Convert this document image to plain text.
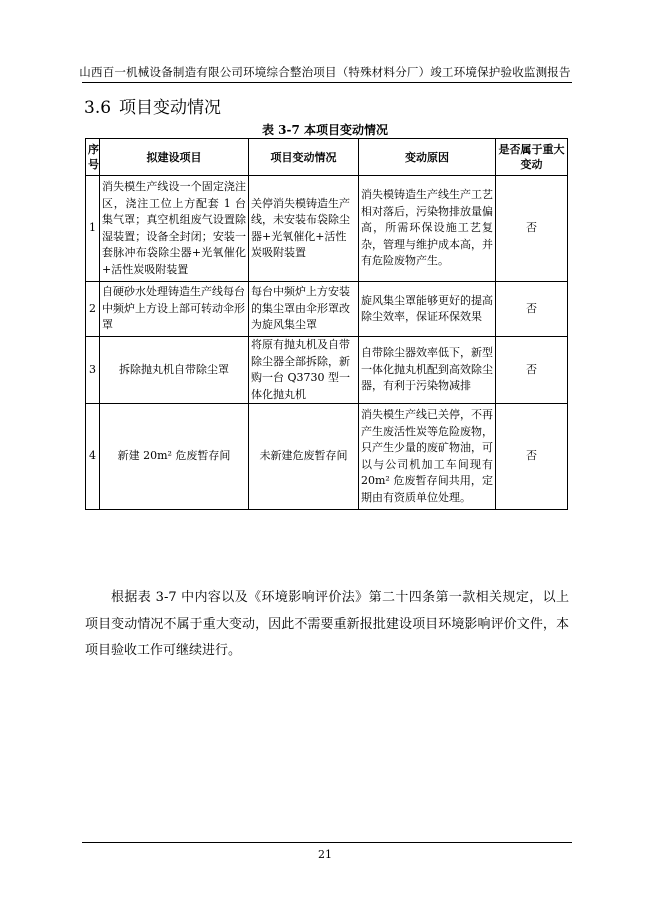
山西百一机械设备制造有限公司环境综合整治项目（特殊材料分厂）竣工环境保护验收监测报告
3.6 项目变动情况
表 3-7 本项目变动情况
序号	拟建设项目	项目变动情况	变动原因	是否属于重大变动
1	消失模生产线设一个固定浇注区，浇注工位上方配套 1 台集气罩；真空机组废气设置除湿装置；设备全封闭；安装一套脉冲布袋除尘器+光氧催化+活性炭吸附装置	关停消失模铸造生产线，未安装布袋除尘器+光氧催化+活性炭吸附装置	消失模铸造生产线生产工艺相对落后，污染物排放量偏高，所需环保设施工艺复杂，管理与维护成本高，并有危险废物产生。	否
2	自硬砂水处理铸造生产线每台中频炉上方设上部可转动伞形罩	每台中频炉上方安装的集尘罩由伞形罩改为旋风集尘罩	旋风集尘罩能够更好的提高除尘效率，保证环保效果	否
3	拆除抛丸机自带除尘罩	将原有抛丸机及自带除尘器全部拆除，新购一台 Q3730 型一体化抛丸机	自带除尘器效率低下，新型一体化抛丸机配到高效除尘器，有利于污染物减排	否
4	新建 20m² 危废暂存间	未新建危废暂存间	消失模生产线已关停，不再产生废活性炭等危险废物，只产生少量的废矿物油，可以与公司机加工车间现有 20m² 危废暂存间共用，定期由有资质单位处理。	否
根据表 3-7 中内容以及《环境影响评价法》第二十四条第一款相关规定，以上项目变动情况不属于重大变动，因此不需要重新报批建设项目环境影响评价文件，本项目验收工作可继续进行。
21
